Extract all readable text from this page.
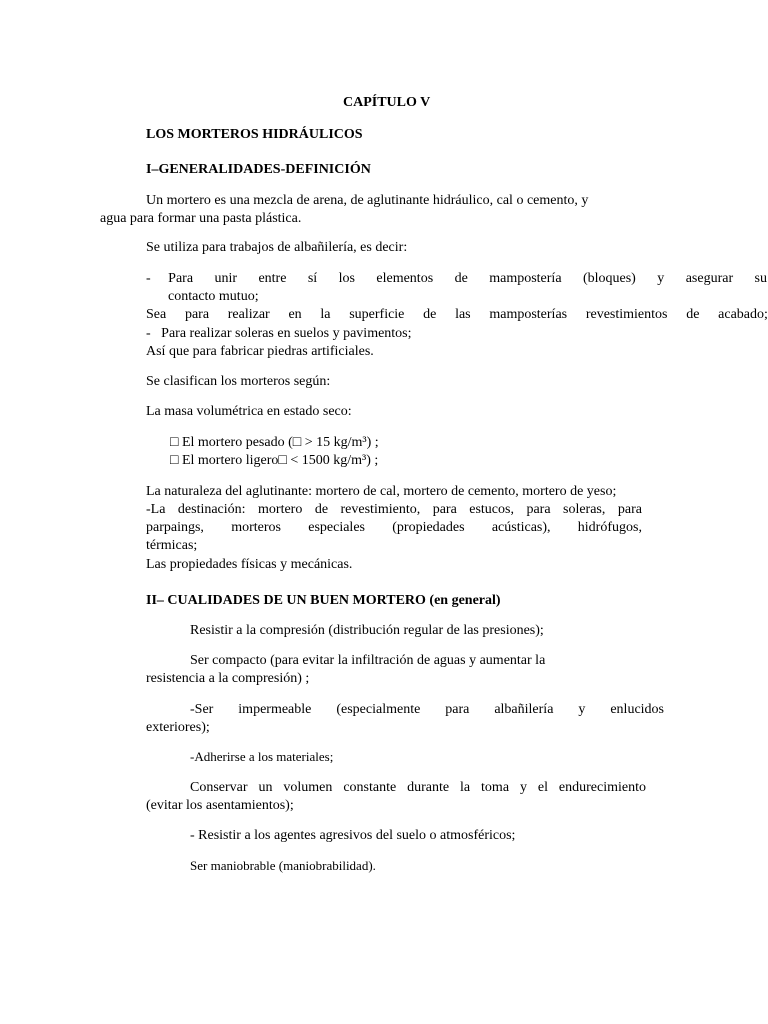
CAPÍTULO V
LOS MORTEROS HIDRÁULICOS
I–GENERALIDADES-DEFINICIÓN
Un mortero es una mezcla de arena, de aglutinante hidráulico, cal o cemento, y
agua para formar una pasta plástica.
Se utiliza para trabajos de albañilería, es decir:
-     Para unir entre sí los elementos de mampostería (bloques) y asegurar su
contacto mutuo;
Sea para realizar en la superficie de las mamposterías revestimientos de acabado;
-   Para realizar soleras en suelos y pavimentos;
Así que para fabricar piedras artificiales.
Se clasifican los morteros según:
La masa volumétrica en estado seco:
□ El mortero pesado (□ > 15 kg/m³) ;
□ El mortero ligero□ < 1500 kg/m³) ;
La naturaleza del aglutinante: mortero de cal, mortero de cemento, mortero de yeso;
-La destinación: mortero de revestimiento, para estucos, para soleras, para
parpaings, morteros especiales (propiedades acústicas), hidrófugos,
térmicas;
Las propiedades físicas y mecánicas.
II– CUALIDADES DE UN BUEN MORTERO (en general)
Resistir a la compresión (distribución regular de las presiones);
Ser compacto (para evitar la infiltración de aguas y aumentar la
resistencia a la compresión) ;
-Ser impermeable (especialmente para albañilería y enlucidos
exteriores);
-Adherirse a los materiales;
Conservar un volumen constante durante la toma y el endurecimiento
(evitar los asentamientos);
- Resistir a los agentes agresivos del suelo o atmosféricos;
Ser maniobrable (maniobrabilidad).
